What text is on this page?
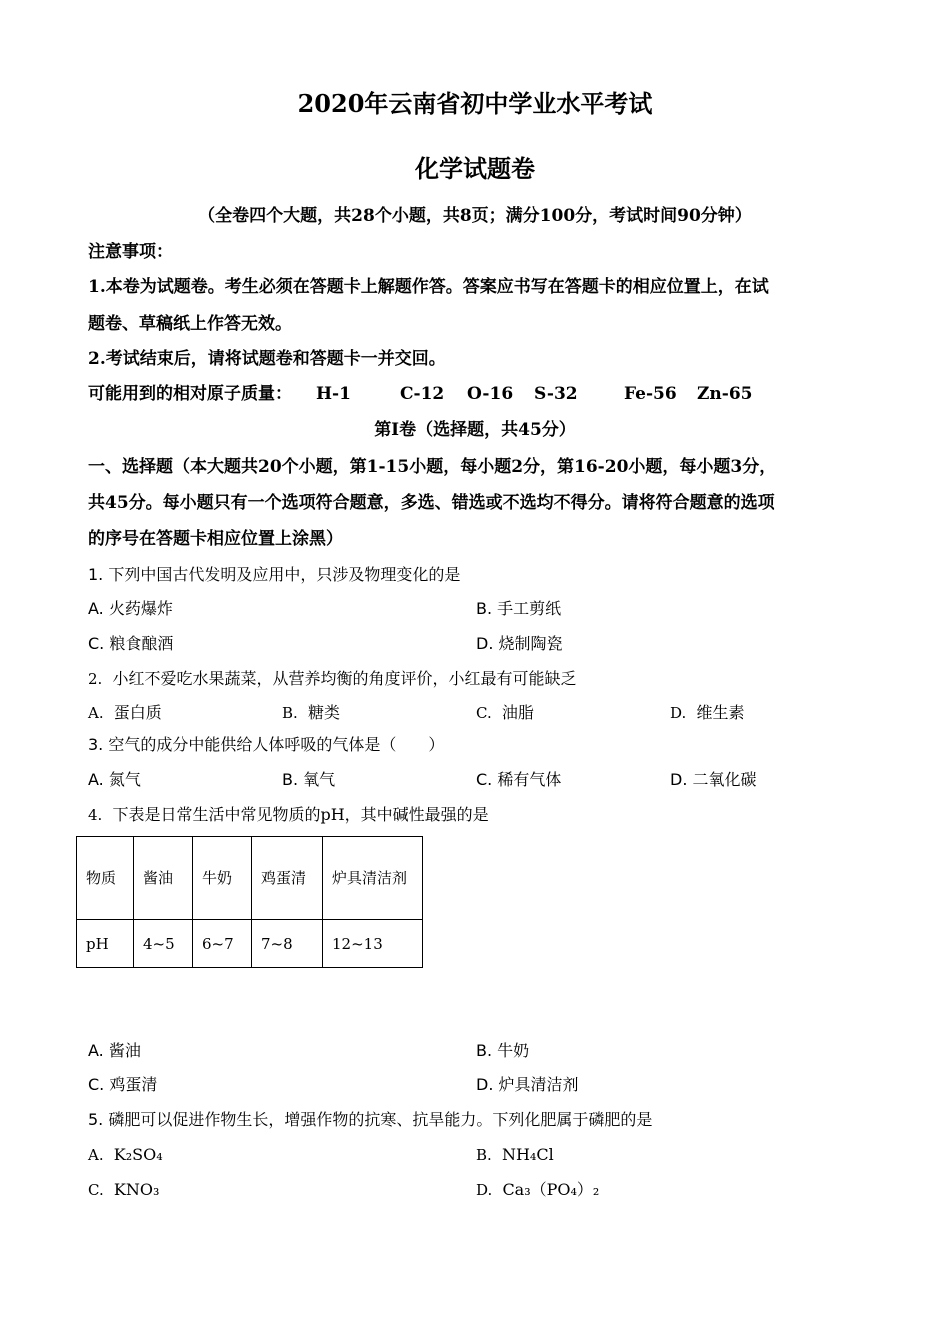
2020年云南省初中学业水平考试
化学试题卷
（全卷四个大题，共28个小题，共8页；满分100分，考试时间90分钟）
注意事项：
1.本卷为试题卷。考生必须在答题卡上解题作答。答案应书写在答题卡的相应位置上，在试
题卷、草稿纸上作答无效。
2.考试结束后，请将试题卷和答题卡一并交回。
可能用到的相对原子质量： H-1	C-12 O-16 S-32	Fe-56 Zn-65
第Ⅰ卷（选择题，共45分）
一、选择题（本大题共20个小题，第1-15小题，每小题2分，第16-20小题，每小题3分，
共45分。每小题只有一个选项符合题意，多选、错选或不选均不得分。请将符合题意的选项
的序号在答题卡相应位置上涂黑）
1. 下列中国古代发明及应用中，只涉及物理变化的是
A. 火药爆炸	B. 手工剪纸
C. 粮食酿酒	D. 烧制陶瓷
2. 小红不爱吃水果蔬菜，从营养均衡的角度评价，小红最有可能缺乏
A. 蛋白质	B. 糖类	C. 油脂	D. 维生素
3. 空气的成分中能供给人体呼吸的气体是（　　）
A. 氮气	B. 氧气	C. 稀有气体	D. 二氧化碳
4. 下表是日常生活中常见物质的pH，其中碱性最强的是
物质	酱油	牛奶	鸡蛋清	炉具清洁剂
pH	4~5	6~7	7~8	12~13
A. 酱油	B. 牛奶
C. 鸡蛋清	D. 炉具清洁剂
5. 磷肥可以促进作物生长，增强作物的抗寒、抗旱能力。下列化肥属于磷肥的是
A. K₂SO₄	B. NH₄Cl
C. KNO₃	D. Ca₃（PO₄）₂
